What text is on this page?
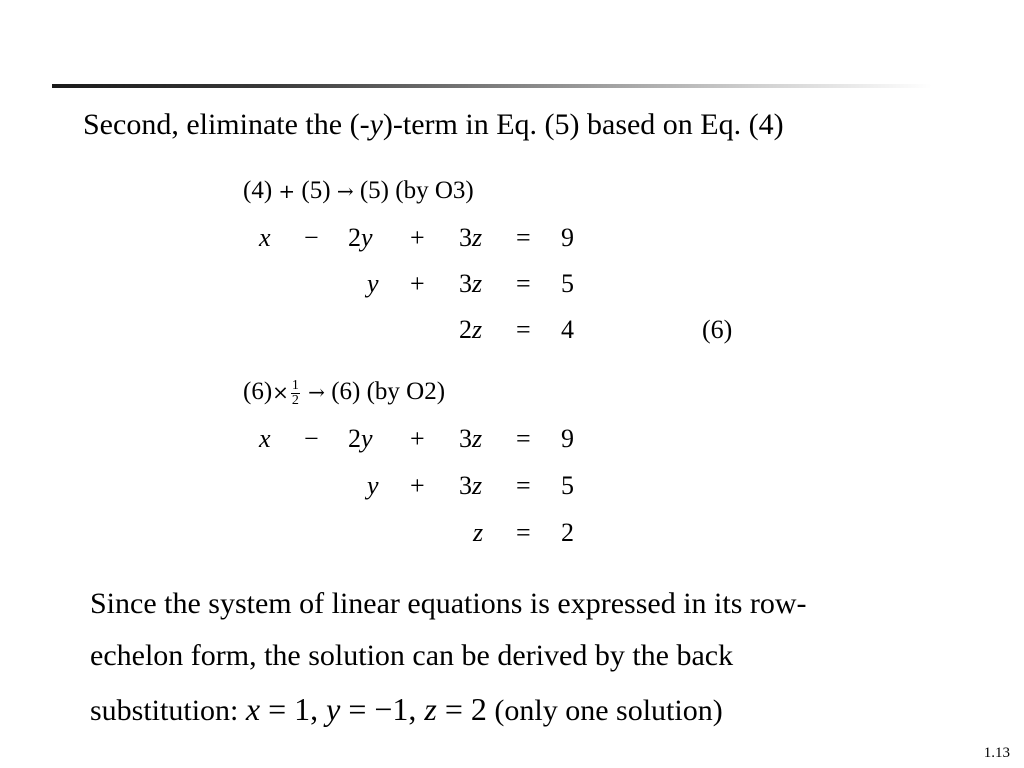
Second, eliminate the (-y)-term in Eq. (5) based on Eq. (4)
(4) + (5) → (5) (by O3)
x − 2y + 3z = 9
y + 3z = 5
2z = 4	(6)
$(6)\times \frac{1}{2} \to (6)$ (by O2)
x − 2y + 3z = 9
y + 3z = 5
z = 2
Since the system of linear equations is expressed in its row-
echelon form, the solution can be derived by the back
substitution: x = 1, y = −1, z = 2 (only one solution)
1.13
